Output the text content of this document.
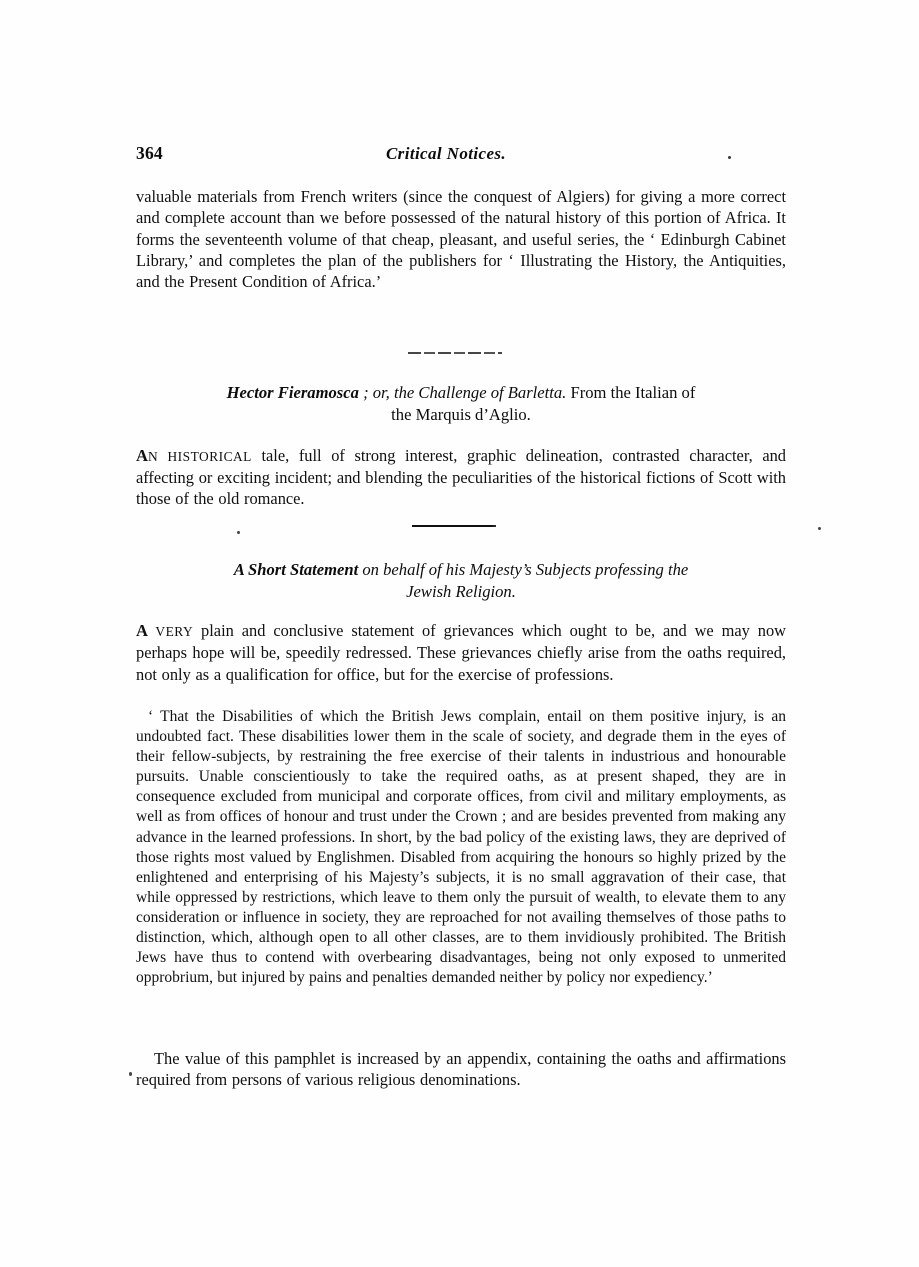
364	Critical Notices.

valuable materials from French writers (since the conquest of Algiers) for giving a more correct and complete account than we before possessed of the natural history of this portion of Africa. It forms the seventeenth volume of that cheap, pleasant, and useful series, the ‘ Edinburgh Cabinet Library,’ and completes the plan of the publishers for ‘ Illustrating the History, the Antiquities, and the Present Condition of Africa.’

Hector Fieramosca ; or, the Challenge of Barletta. From the Italian of
the Marquis d’Aglio.

AN HISTORICAL tale, full of strong interest, graphic delineation, contrasted character, and affecting or exciting incident; and blending the peculiarities of the historical fictions of Scott with those of the old romance.

A Short Statement on behalf of his Majesty’s Subjects professing the
Jewish Religion.

A VERY plain and conclusive statement of grievances which ought to be, and we may now perhaps hope will be, speedily redressed. These grievances chiefly arise from the oaths required, not only as a qualification for office, but for the exercise of professions.

‘ That the Disabilities of which the British Jews complain, entail on them positive injury, is an undoubted fact. These disabilities lower them in the scale of society, and degrade them in the eyes of their fellow-subjects, by restraining the free exercise of their talents in industrious and honourable pursuits. Unable conscientiously to take the required oaths, as at present shaped, they are in consequence excluded from municipal and corporate offices, from civil and military employments, as well as from offices of honour and trust under the Crown ; and are besides prevented from making any advance in the learned professions. In short, by the bad policy of the existing laws, they are deprived of those rights most valued by Englishmen. Disabled from acquiring the honours so highly prized by the enlightened and enterprising of his Majesty’s subjects, it is no small aggravation of their case, that while oppressed by restrictions, which leave to them only the pursuit of wealth, to elevate them to any consideration or influence in society, they are reproached for not availing themselves of those paths to distinction, which, although open to all other classes, are to them invidiously prohibited. The British Jews have thus to contend with overbearing disadvantages, being not only exposed to unmerited opprobrium, but injured by pains and penalties demanded neither by policy nor expediency.’

The value of this pamphlet is increased by an appendix, containing the oaths and affirmations required from persons of various religious denominations.
